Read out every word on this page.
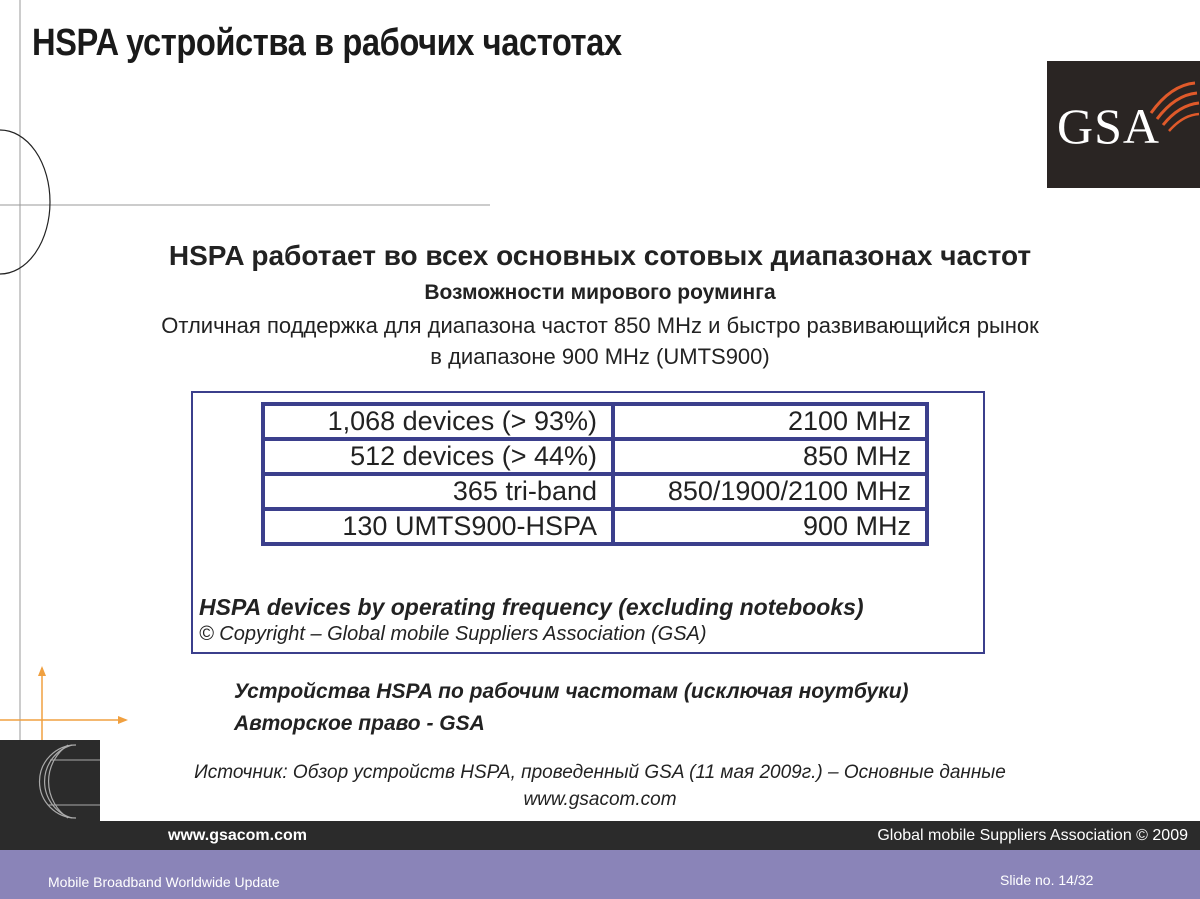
HSPA устройства в рабочих частотах
GSA

HSPA работает во всех основных сотовых диапазонах частот

Возможности мирового роуминга

Отличная поддержка для диапазона частот 850 MHz и быстро развивающийся рынок

в диапазоне 900 MHz (UMTS900)

1,068 devices (> 93%)	2100 MHz
512 devices (> 44%)	850 MHz
365 tri-band	850/1900/2100 MHz
130 UMTS900-HSPA	900 MHz
HSPA devices by operating frequency (excluding notebooks)
© Copyright – Global mobile Suppliers Association (GSA)
Устройства HSPA по рабочим частотам (исключая ноутбуки)
Авторское право - GSA
Источник: Обзор устройств HSPA, проведенный GSA (11 мая 2009г.) – Основные данные
www.gsacom.com
www.gsacom.com	Global mobile Suppliers Association © 2009
Mobile Broadband Worldwide Update	Slide no. 14/32
